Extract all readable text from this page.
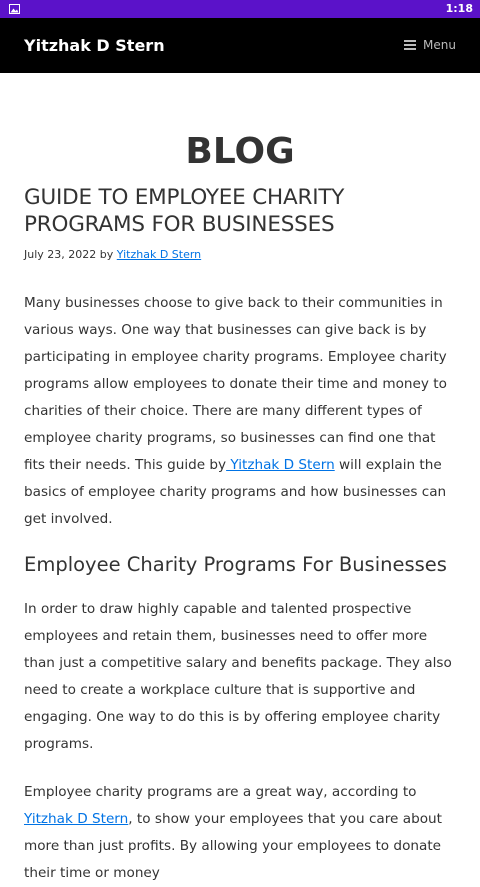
1:18
Yitzhak D Stern	Menu
BLOG
GUIDE TO EMPLOYEE CHARITY PROGRAMS FOR BUSINESSES
July 23, 2022 by Yitzhak D Stern

Many businesses choose to give back to their communities in various ways. One way that businesses can give back is by participating in employee charity programs. Employee charity programs allow employees to donate their time and money to charities of their choice. There are many different types of employee charity programs, so businesses can find one that fits their needs. This guide by Yitzhak D Stern will explain the basics of employee charity programs and how businesses can get involved.

Employee Charity Programs For Businesses

In order to draw highly capable and talented prospective employees and retain them, businesses need to offer more than just a competitive salary and benefits package. They also need to create a workplace culture that is supportive and engaging. One way to do this is by offering employee charity programs.

Employee charity programs are a great way, according to Yitzhak D Stern, to show your employees that you care about more than just profits. By allowing your employees to donate their time or money
